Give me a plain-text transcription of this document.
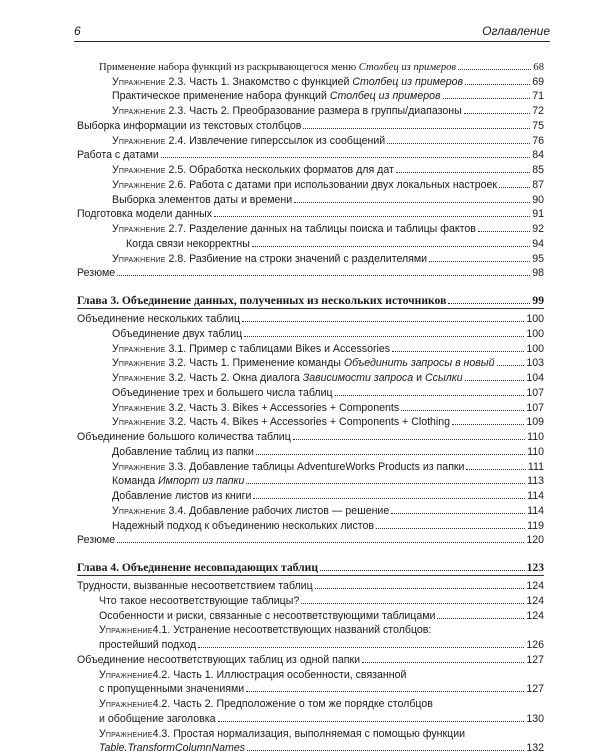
6	Оглавление
Применение набора функций из раскрывающегося меню Столбец из примеров	68
Упражнение 2.3. Часть 1. Знакомство с функцией Столбец из примеров	69
Практическое применение набора функций Столбец из примеров	71
Упражнение 2.3. Часть 2. Преобразование размера в группы/диапазоны	72
Выборка информации из текстовых столбцов	75
Упражнение 2.4. Извлечение гиперссылок из сообщений	76
Работа с датами	84
Упражнение 2.5. Обработка нескольких форматов для дат	85
Упражнение 2.6. Работа с датами при использовании двух локальных настроек	87
Выборка элементов даты и времени	90
Подготовка модели данных	91
Упражнение 2.7. Разделение данных на таблицы поиска и таблицы фактов	92
Когда связи некорректны	94
Упражнение 2.8. Разбиение на строки значений с разделителями	95
Резюме	98
Глава 3. Объединение данных, полученных из нескольких источников	99
Объединение нескольких таблиц	100
Объединение двух таблиц	100
Упражнение 3.1. Пример с таблицами Bikes и Accessories	100
Упражнение 3.2. Часть 1. Применение команды Объединить запросы в новый	103
Упражнение 3.2. Часть 2. Окна диалога Зависимости запроса и Ссылки	104
Объединение трех и большего числа таблиц	107
Упражнение 3.2. Часть 3. Bikes + Accessories + Components	107
Упражнение 3.2. Часть 4. Bikes + Accessories + Components + Clothing	109
Объединение большого количества таблиц	110
Добавление таблиц из папки	110
Упражнение 3.3. Добавление таблицы AdventureWorks Products из папки	111
Команда Импорт из папки	113
Добавление листов из книги	114
Упражнение 3.4. Добавление рабочих листов — решение	114
Надежный подход к объединению нескольких листов	119
Резюме	120
Глава 4. Объединение несовпадающих таблиц	123
Трудности, вызванные несоответствием таблиц	124
Что такое несоответствующие таблицы?	124
Особенности и риски, связанные с несоответствующими таблицами	124
Упражнение 4.1. Устранение несоответствующих названий столбцов:
простейший подход	126
Объединение несоответствующих таблиц из одной папки	127
Упражнение 4.2. Часть 1. Иллюстрация особенности, связанной
с пропущенными значениями	127
Упражнение 4.2. Часть 2. Предположение о том же порядке столбцов
и обобщение заголовка	130
Упражнение 4.3. Простая нормализация, выполняемая с помощью функции
Table.TransformColumnNames	132
